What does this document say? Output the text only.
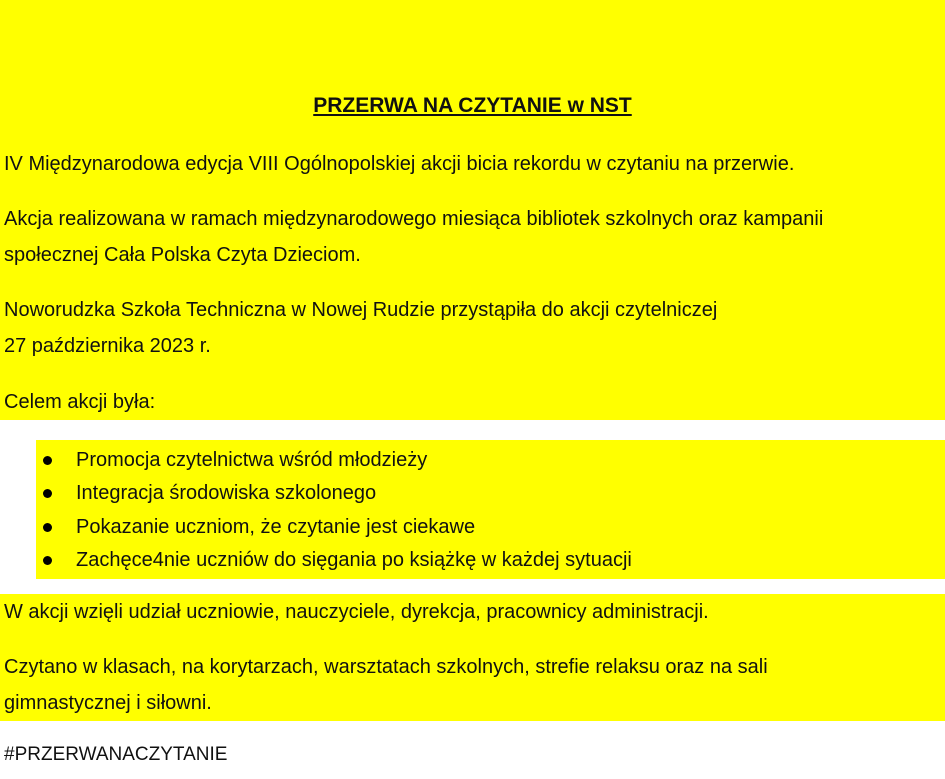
PRZERWA NA CZYTANIE w NST
IV Międzynarodowa edycja VIII Ogólnopolskiej akcji bicia rekordu w czytaniu na przerwie.
Akcja realizowana w ramach międzynarodowego miesiąca bibliotek szkolnych oraz kampanii
społecznej Cała Polska Czyta Dzieciom.
Noworudzka Szkoła Techniczna w Nowej Rudzie przystąpiła do akcji czytelniczej
27 października 2023 r.
Celem akcji była:
Promocja czytelnictwa wśród młodzieży
Integracja środowiska szkolonego
Pokazanie uczniom, że czytanie jest ciekawe
Zachęce4nie uczniów do sięgania po książkę w każdej sytuacji
W akcji wzięli udział uczniowie, nauczyciele, dyrekcja, pracownicy administracji.
Czytano w klasach, na korytarzach, warsztatach szkolnych, strefie relaksu oraz na sali
gimnastycznej i siłowni.
#PRZERWANACZYTANIE
